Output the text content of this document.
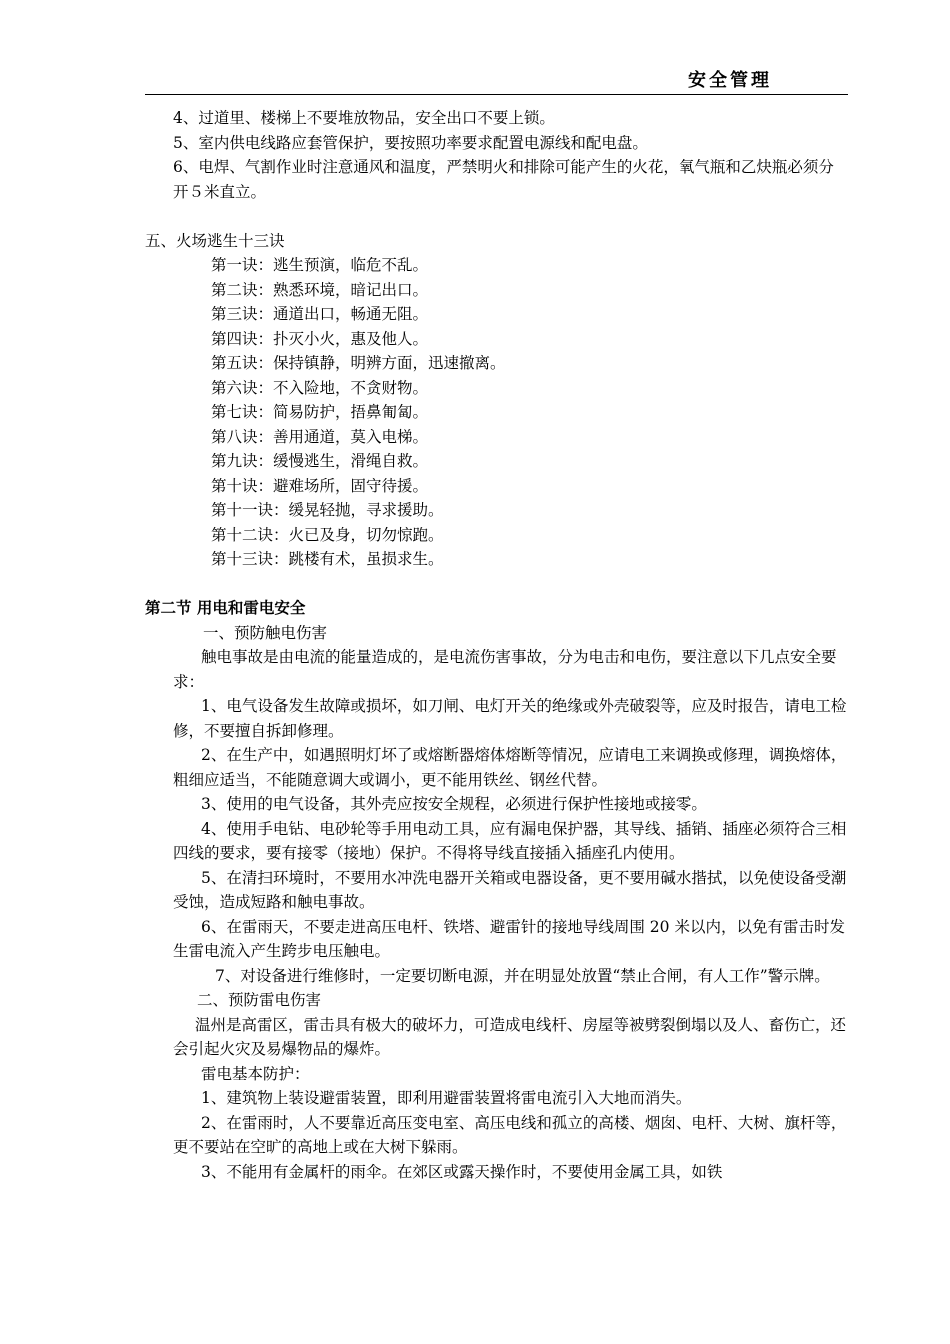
安全管理

4、过道里、楼梯上不要堆放物品，安全出口不要上锁。

5、室内供电线路应套管保护，要按照功率要求配置电源线和配电盘。

6、电焊、气割作业时注意通风和温度，严禁明火和排除可能产生的火花，氧气瓶和乙炔瓶必须分开５米直立。

五、火场逃生十三诀

第一诀：逃生预演，临危不乱。

第二诀：熟悉环境，暗记出口。

第三诀：通道出口，畅通无阻。

第四诀：扑灭小火，惠及他人。

第五诀：保持镇静，明辨方面，迅速撤离。

第六诀：不入险地，不贪财物。

第七诀：简易防护，捂鼻匍匐。

第八诀：善用通道，莫入电梯。

第九诀：缓慢逃生，滑绳自救。

第十诀：避难场所，固守待援。

第十一诀：缓晃轻抛，寻求援助。

第十二诀：火已及身，切勿惊跑。

第十三诀：跳楼有术，虽损求生。

第二节 用电和雷电安全

一、预防触电伤害

触电事故是由电流的能量造成的，是电流伤害事故，分为电击和电伤，要注意以下几点安全要求：

1、电气设备发生故障或损坏，如刀闸、电灯开关的绝缘或外壳破裂等，应及时报告，请电工检修，不要擅自拆卸修理。

2、在生产中，如遇照明灯坏了或熔断器熔体熔断等情况，应请电工来调换或修理，调换熔体，粗细应适当，不能随意调大或调小，更不能用铁丝、钢丝代替。

3、使用的电气设备，其外壳应按安全规程，必须进行保护性接地或接零。

4、使用手电钻、电砂轮等手用电动工具，应有漏电保护器，其导线、插销、插座必须符合三相四线的要求，要有接零（接地）保护。不得将导线直接插入插座孔内使用。

5、在清扫环境时，不要用水冲洗电器开关箱或电器设备，更不要用碱水揩拭，以免使设备受潮受蚀，造成短路和触电事故。

6、在雷雨天，不要走进高压电杆、铁塔、避雷针的接地导线周围 20 米以内，以免有雷击时发生雷电流入产生跨步电压触电。

7、对设备进行维修时，一定要切断电源，并在明显处放置“禁止合闸，有人工作”警示牌。

二、预防雷电伤害

温州是高雷区，雷击具有极大的破坏力，可造成电线杆、房屋等被劈裂倒塌以及人、畜伤亡，还会引起火灾及易爆物品的爆炸。

雷电基本防护：

1、建筑物上装设避雷装置，即利用避雷装置将雷电流引入大地而消失。

2、在雷雨时，人不要靠近高压变电室、高压电线和孤立的高楼、烟囱、电杆、大树、旗杆等，更不要站在空旷的高地上或在大树下躲雨。

3、不能用有金属杆的雨伞。在郊区或露天操作时，不要使用金属工具，如铁
